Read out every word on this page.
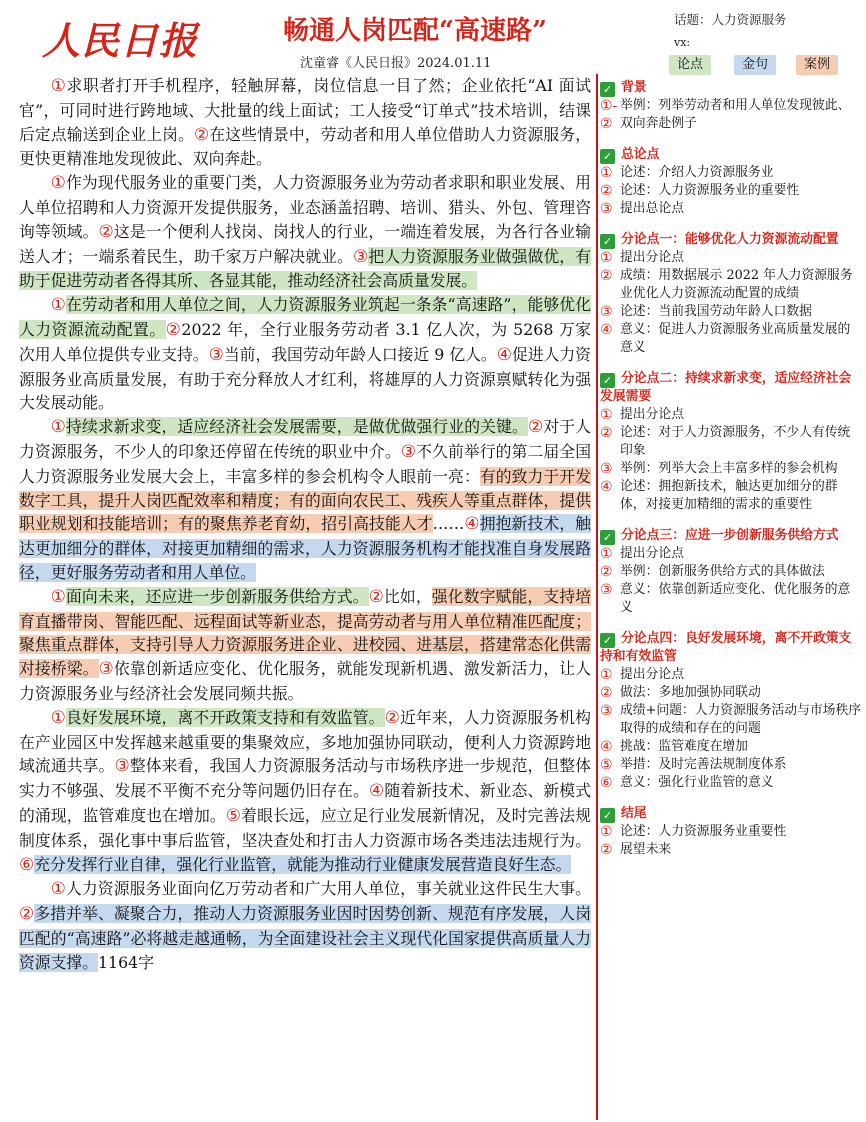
人民日报	畅通人岗匹配“高速路”
沈童睿《人民日报》2024.01.11
话题：人力资源服务
vx:
论点	金句	案例

①求职者打开手机程序，轻触屏幕，岗位信息一目了然；企业依托“AI 面试官”，可同时进行跨地域、大批量的线上面试；工人接受“订单式”技术培训，结课后定点输送到企业上岗。②在这些情景中，劳动者和用人单位借助人力资源服务，更快更精准地发现彼此、双向奔赴。

①作为现代服务业的重要门类，人力资源服务业为劳动者求职和职业发展、用人单位招聘和人力资源开发提供服务，业态涵盖招聘、培训、猎头、外包、管理咨询等领域。②这是一个便利人找岗、岗找人的行业，一端连着发展，为各行各业输送人才；一端系着民生，助千家万户解决就业。③把人力资源服务业做强做优，有助于促进劳动者各得其所、各显其能，推动经济社会高质量发展。

①在劳动者和用人单位之间，人力资源服务业筑起一条条“高速路”，能够优化人力资源流动配置。②2022 年，全行业服务劳动者 3.1 亿人次，为 5268 万家次用人单位提供专业支持。③当前，我国劳动年龄人口接近 9 亿人。④促进人力资源服务业高质量发展，有助于充分释放人才红利，将雄厚的人力资源禀赋转化为强大发展动能。

①持续求新求变，适应经济社会发展需要，是做优做强行业的关键。②对于人力资源服务，不少人的印象还停留在传统的职业中介。③不久前举行的第二届全国人力资源服务业发展大会上，丰富多样的参会机构令人眼前一亮：有的致力于开发数字工具，提升人岗匹配效率和精度；有的面向农民工、残疾人等重点群体，提供职业规划和技能培训；有的聚焦养老育幼，招引高技能人才……④拥抱新技术，触达更加细分的群体，对接更加精细的需求，人力资源服务机构才能找准自身发展路径，更好服务劳动者和用人单位。

①面向未来，还应进一步创新服务供给方式。②比如，强化数字赋能，支持培育直播带岗、智能匹配、远程面试等新业态，提高劳动者与用人单位精准匹配度；聚焦重点群体，支持引导人力资源服务进企业、进校园、进基层，搭建常态化供需对接桥梁。③依靠创新适应变化、优化服务，就能发现新机遇、激发新活力，让人力资源服务业与经济社会发展同频共振。

①良好发展环境，离不开政策支持和有效监管。②近年来，人力资源服务机构在产业园区中发挥越来越重要的集聚效应，多地加强协同联动，便利人力资源跨地域流通共享。③整体来看，我国人力资源服务活动与市场秩序进一步规范，但整体实力不够强、发展不平衡不充分等问题仍旧存在。④随着新技术、新业态、新模式的涌现，监管难度也在增加。⑤着眼长远，应立足行业发展新情况，及时完善法规制度体系，强化事中事后监管，坚决查处和打击人力资源市场各类违法违规行为。⑥充分发挥行业自律，强化行业监管，就能为推动行业健康发展营造良好生态。

①人力资源服务业面向亿万劳动者和广大用人单位，事关就业这件民生大事。②多措并举、凝聚合力，推动人力资源服务业因时因势创新、规范有序发展，人岗匹配的“高速路”必将越走越通畅，为全面建设社会主义现代化国家提供高质量人力资源支撑。1164字

✓ 背景
①-②
举例：列举劳动者和用人单位发现彼此、双向奔赴例子
✓ 总论点
① 论述：介绍人力资源服务业
② 论述：人力资源服务业的重要性
③ 提出总论点
✓ 分论点一：能够优化人力资源流动配置
① 提出分论点
② 成绩：用数据展示 2022 年人力资源服务业优化人力资源流动配置的成绩
③ 论述：当前我国劳动年龄人口数据
④ 意义：促进人力资源服务业高质量发展的意义
✓ 分论点二：持续求新求变，适应经济社会发展需要
① 提出分论点
② 论述：对于人力资源服务，不少人有传统印象
③ 举例：列举大会上丰富多样的参会机构
④ 论述：拥抱新技术，触达更加细分的群体，对接更加精细的需求的重要性
✓ 分论点三：应进一步创新服务供给方式
① 提出分论点
② 举例：创新服务供给方式的具体做法
③ 意义：依靠创新适应变化、优化服务的意义
✓ 分论点四：良好发展环境，离不开政策支持和有效监管
① 提出分论点
② 做法：多地加强协同联动
③ 成绩+问题：人力资源服务活动与市场秩序取得的成绩和存在的问题
④ 挑战：监管难度在增加
⑤ 举措：及时完善法规制度体系
⑥ 意义：强化行业监管的意义
✓ 结尾
① 论述：人力资源服务业重要性
② 展望未来
